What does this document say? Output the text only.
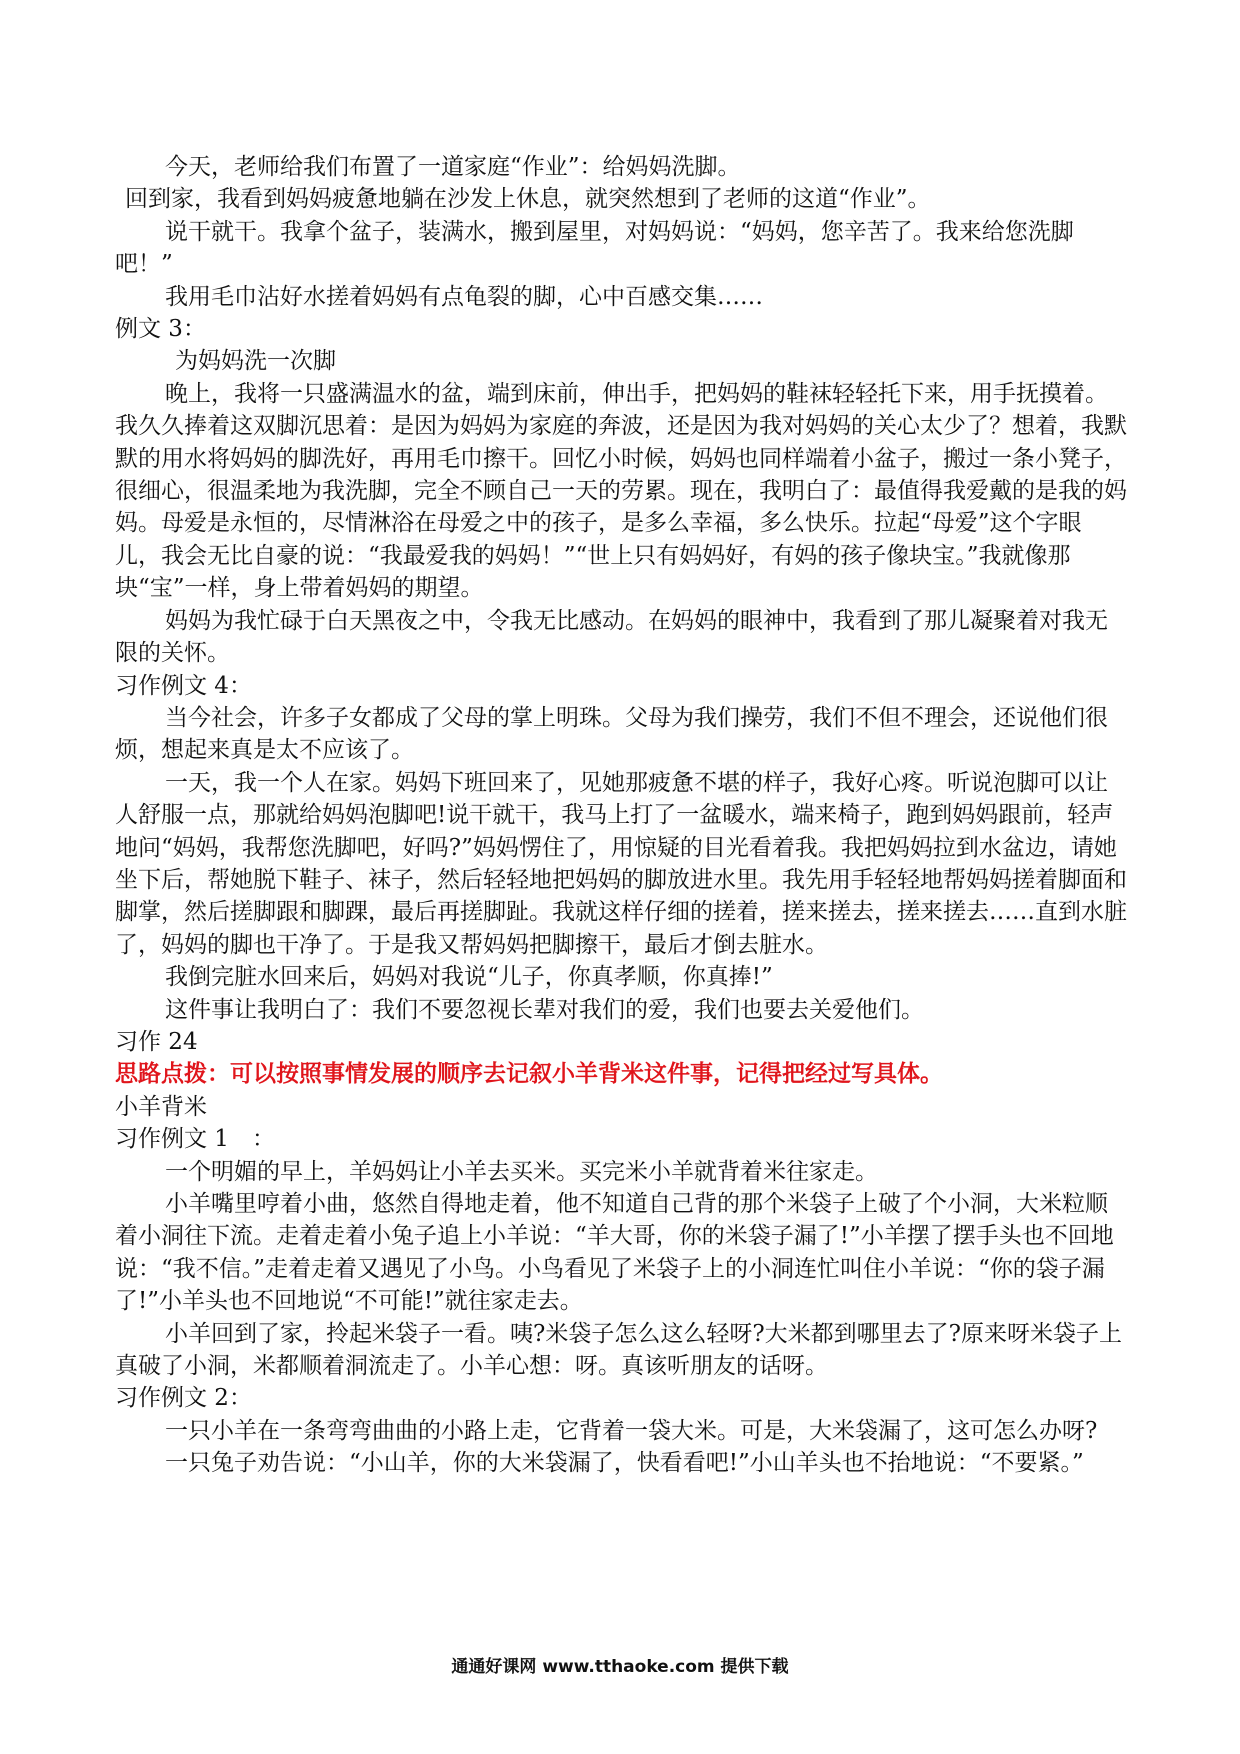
今天，老师给我们布置了一道家庭“作业”：给妈妈洗脚。

回到家，我看到妈妈疲惫地躺在沙发上休息，就突然想到了老师的这道“作业”。

说干就干。我拿个盆子，装满水，搬到屋里，对妈妈说：“妈妈，您辛苦了。我来给您洗脚吧！”

我用毛巾沾好水搓着妈妈有点龟裂的脚，心中百感交集……

例文 3：

为妈妈洗一次脚

晚上，我将一只盛满温水的盆，端到床前，伸出手，把妈妈的鞋袜轻轻托下来，用手抚摸着。我久久捧着这双脚沉思着：是因为妈妈为家庭的奔波，还是因为我对妈妈的关心太少了？想着，我默默的用水将妈妈的脚洗好，再用毛巾擦干。回忆小时候，妈妈也同样端着小盆子，搬过一条小凳子，很细心，很温柔地为我洗脚，完全不顾自己一天的劳累。现在，我明白了：最值得我爱戴的是我的妈妈。母爱是永恒的，尽情淋浴在母爱之中的孩子，是多么幸福，多么快乐。拉起“母爱”这个字眼儿，我会无比自豪的说：“我最爱我的妈妈！”“世上只有妈妈好，有妈的孩子像块宝。”我就像那块“宝”一样，身上带着妈妈的期望。

妈妈为我忙碌于白天黑夜之中，令我无比感动。在妈妈的眼神中，我看到了那儿凝聚着对我无限的关怀。

习作例文 4：

当今社会，许多子女都成了父母的掌上明珠。父母为我们操劳，我们不但不理会，还说他们很烦，想起来真是太不应该了。

一天，我一个人在家。妈妈下班回来了，见她那疲惫不堪的样子，我好心疼。听说泡脚可以让人舒服一点，那就给妈妈泡脚吧!说干就干，我马上打了一盆暖水，端来椅子，跑到妈妈跟前，轻声地问“妈妈，我帮您洗脚吧，好吗?”妈妈愣住了，用惊疑的目光看着我。我把妈妈拉到水盆边，请她坐下后，帮她脱下鞋子、袜子，然后轻轻地把妈妈的脚放进水里。我先用手轻轻地帮妈妈搓着脚面和脚掌，然后搓脚跟和脚踝，最后再搓脚趾。我就这样仔细的搓着，搓来搓去，搓来搓去……直到水脏了，妈妈的脚也干净了。于是我又帮妈妈把脚擦干，最后才倒去脏水。

我倒完脏水回来后，妈妈对我说“儿子，你真孝顺，你真捧!”

这件事让我明白了：我们不要忽视长辈对我们的爱，我们也要去关爱他们。

习作 24

思路点拨：可以按照事情发展的顺序去记叙小羊背米这件事，记得把经过写具体。

小羊背米

习作例文 1　：

一个明媚的早上，羊妈妈让小羊去买米。买完米小羊就背着米往家走。

小羊嘴里哼着小曲，悠然自得地走着，他不知道自己背的那个米袋子上破了个小洞，大米粒顺着小洞往下流。走着走着小兔子追上小羊说：“羊大哥，你的米袋子漏了!”小羊摆了摆手头也不回地说：“我不信。”走着走着又遇见了小鸟。小鸟看见了米袋子上的小洞连忙叫住小羊说：“你的袋子漏了!”小羊头也不回地说“不可能!”就往家走去。

小羊回到了家，拎起米袋子一看。咦?米袋子怎么这么轻呀?大米都到哪里去了?原来呀米袋子上真破了小洞，米都顺着洞流走了。小羊心想：呀。真该听朋友的话呀。

习作例文 2：

一只小羊在一条弯弯曲曲的小路上走，它背着一袋大米。可是，大米袋漏了，这可怎么办呀?

一只兔子劝告说：“小山羊，你的大米袋漏了，快看看吧!”小山羊头也不抬地说：“不要紧。”

通通好课网 www.tthaoke.com 提供下载
